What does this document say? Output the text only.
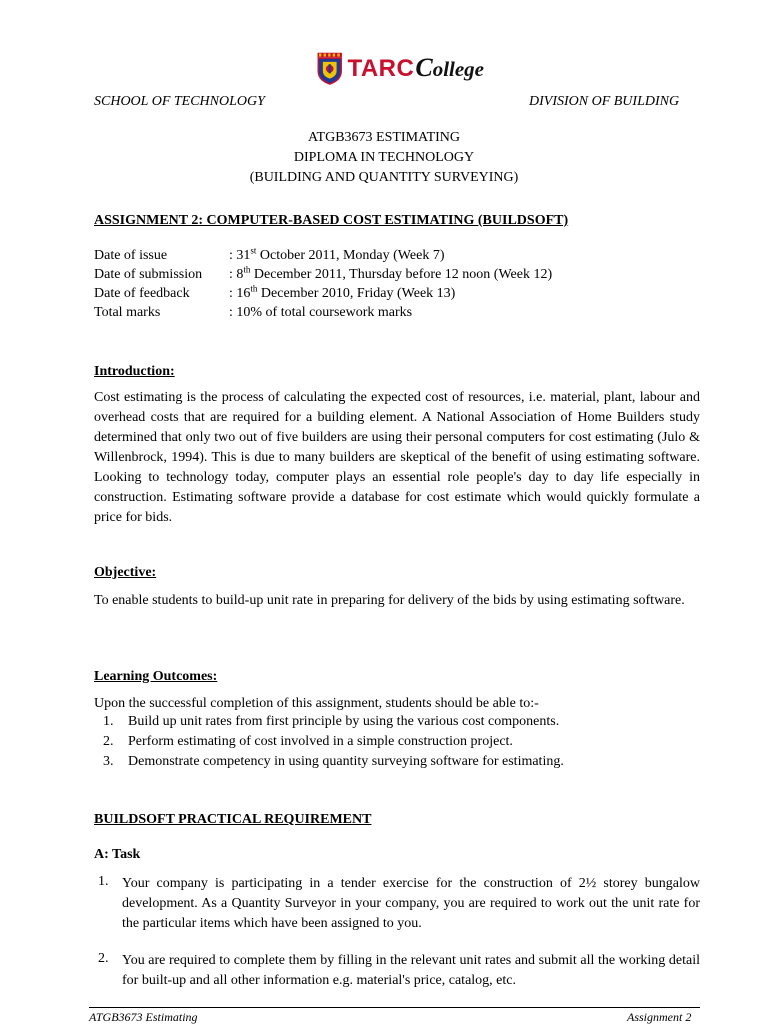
TARC College
SCHOOL OF TECHNOLOGY	DIVISION OF BUILDING
ATGB3673 ESTIMATING
DIPLOMA IN TECHNOLOGY
(BUILDING AND QUANTITY SURVEYING)
ASSIGNMENT 2: COMPUTER-BASED COST ESTIMATING (BUILDSOFT)
Date of issue	: 31st October 2011, Monday (Week 7)
Date of submission : 8th December 2011, Thursday before 12 noon (Week 12)
Date of feedback	: 16th December 2010, Friday (Week 13)
Total marks	: 10% of total coursework marks
Introduction:
Cost estimating is the process of calculating the expected cost of resources, i.e. material, plant, labour and overhead costs that are required for a building element. A National Association of Home Builders study determined that only two out of five builders are using their personal computers for cost estimating (Julo & Willenbrock, 1994). This is due to many builders are skeptical of the benefit of using estimating software. Looking to technology today, computer plays an essential role people's day to day life especially in construction. Estimating software provide a database for cost estimate which would quickly formulate a price for bids.
Objective:
To enable students to build-up unit rate in preparing for delivery of the bids by using estimating software.
Learning Outcomes:
Upon the successful completion of this assignment, students should be able to:-
1. Build up unit rates from first principle by using the various cost components.
2. Perform estimating of cost involved in a simple construction project.
3. Demonstrate competency in using quantity surveying software for estimating.
BUILDSOFT PRACTICAL REQUIREMENT
A: Task
1. Your company is participating in a tender exercise for the construction of 2½ storey bungalow development. As a Quantity Surveyor in your company, you are required to work out the unit rate for the particular items which have been assigned to you.
2. You are required to complete them by filling in the relevant unit rates and submit all the working detail for built-up and all other information e.g. material's price, catalog, etc.
ATGB3673 Estimating	Assignment 2
